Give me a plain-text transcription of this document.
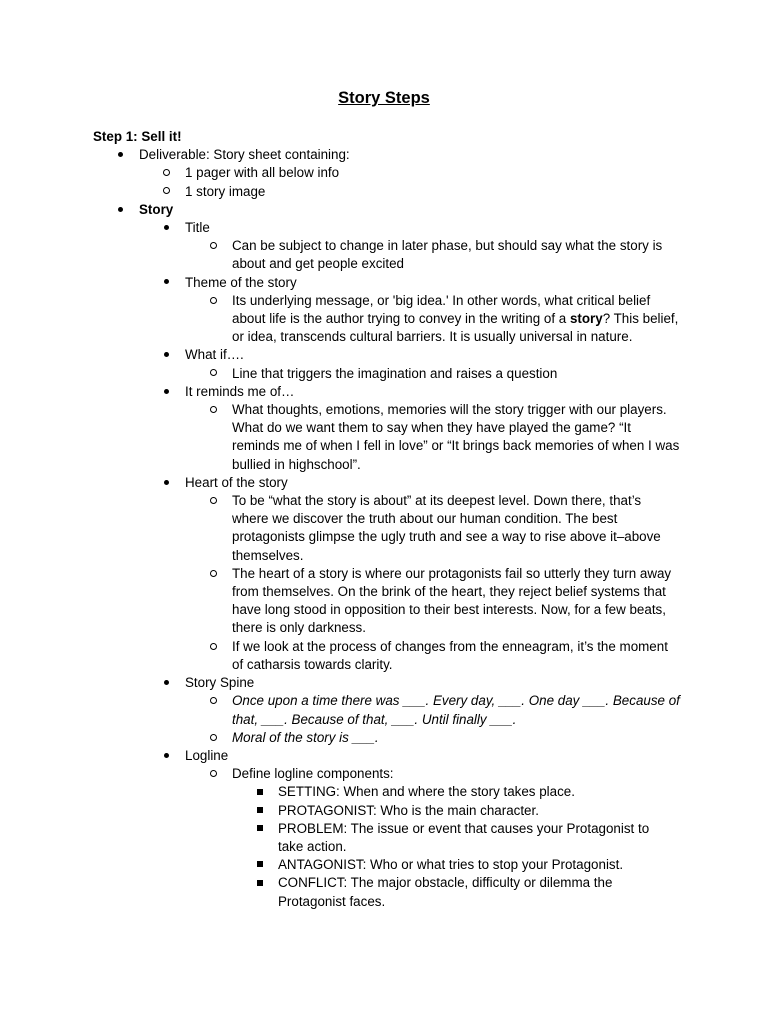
Story Steps
Step 1: Sell it!
Deliverable: Story sheet containing:
1 pager with all below info
1 story image
Story
Title
Can be subject to change in later phase, but should say what the story is about and get people excited
Theme of the story
Its underlying message, or 'big idea.' In other words, what critical belief about life is the author trying to convey in the writing of a story? This belief, or idea, transcends cultural barriers. It is usually universal in nature.
What if….
Line that triggers the imagination and raises a question
It reminds me of…
What thoughts, emotions, memories will the story trigger with our players. What do we want them to say when they have played the game? “It reminds me of when I fell in love” or “It brings back memories of when I was bullied in highschool”.
Heart of the story
To be “what the story is about” at its deepest level. Down there, that’s where we discover the truth about our human condition. The best protagonists glimpse the ugly truth and see a way to rise above it–above themselves.
The heart of a story is where our protagonists fail so utterly they turn away from themselves. On the brink of the heart, they reject belief systems that have long stood in opposition to their best interests. Now, for a few beats, there is only darkness.
If we look at the process of changes from the enneagram, it’s the moment of catharsis towards clarity.
Story Spine
Once upon a time there was ___. Every day, ___. One day ___. Because of that, ___. Because of that, ___. Until finally ___.
Moral of the story is ___.
Logline
Define logline components:
SETTING: When and where the story takes place.
PROTAGONIST: Who is the main character.
PROBLEM: The issue or event that causes your Protagonist to take action.
ANTAGONIST: Who or what tries to stop your Protagonist.
CONFLICT: The major obstacle, difficulty or dilemma the Protagonist faces.
